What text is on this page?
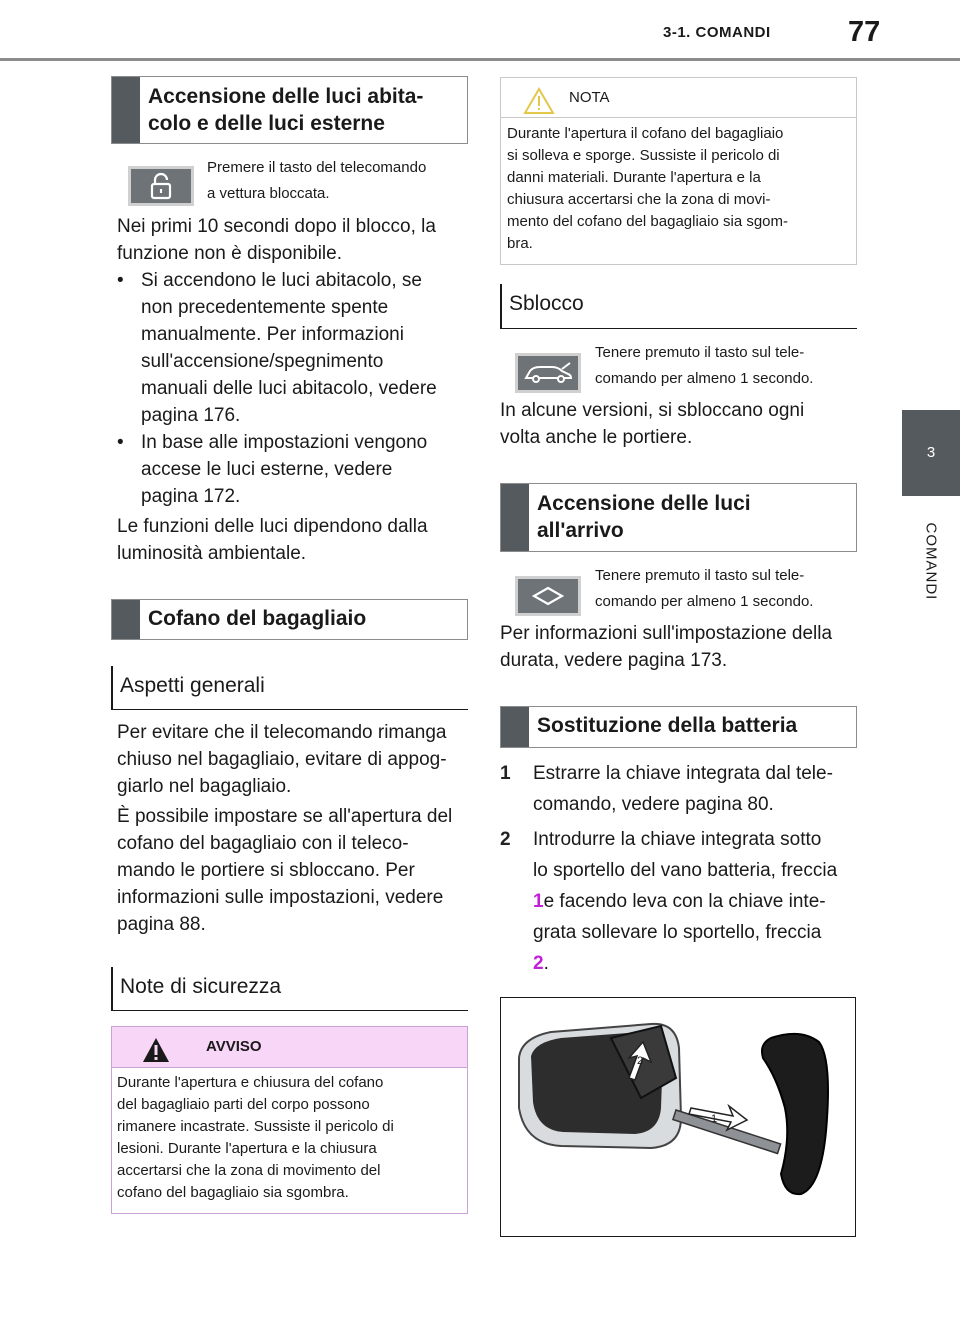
3-1. COMANDI	77
3
COMANDI
Accensione delle luci abita-
colo e delle luci esterne
Premere il tasto del telecomando
a vettura bloccata.
Nei primi 10 secondi dopo il blocco, la
funzione non è disponibile.
• Si accendono le luci abitacolo, se
non precedentemente spente
manualmente. Per informazioni
sull'accensione/spegnimento
manuali delle luci abitacolo, vedere
pagina 176.
• In base alle impostazioni vengono
accese le luci esterne, vedere
pagina 172.
Le funzioni delle luci dipendono dalla
luminosità ambientale.
Cofano del bagagliaio
Aspetti generali
Per evitare che il telecomando rimanga
chiuso nel bagagliaio, evitare di appog-
giarlo nel bagagliaio.
È possibile impostare se all'apertura del
cofano del bagagliaio con il teleco-
mando le portiere si sbloccano. Per
informazioni sulle impostazioni, vedere
pagina 88.
Note di sicurezza
AVVISO
Durante l'apertura e chiusura del cofano
del bagagliaio parti del corpo possono
rimanere incastrate. Sussiste il pericolo di
lesioni. Durante l'apertura e la chiusura
accertarsi che la zona di movimento del
cofano del bagagliaio sia sgombra.
NOTA
Durante l'apertura il cofano del bagagliaio
si solleva e sporge. Sussiste il pericolo di
danni materiali. Durante l'apertura e la
chiusura accertarsi che la zona di movi-
mento del cofano del bagagliaio sia sgom-
bra.
Sblocco
Tenere premuto il tasto sul tele-
comando per almeno 1 secondo.
In alcune versioni, si sbloccano ogni
volta anche le portiere.
Accensione delle luci
all'arrivo
Tenere premuto il tasto sul tele-
comando per almeno 1 secondo.
Per informazioni sull'impostazione della
durata, vedere pagina 173.
Sostituzione della batteria
1 Estrarre la chiave integrata dal tele-
comando, vedere pagina 80.
2 Introdurre la chiave integrata sotto
lo sportello del vano batteria, freccia
1e facendo leva con la chiave inte-
grata sollevare lo sportello, freccia
2.
1
2
